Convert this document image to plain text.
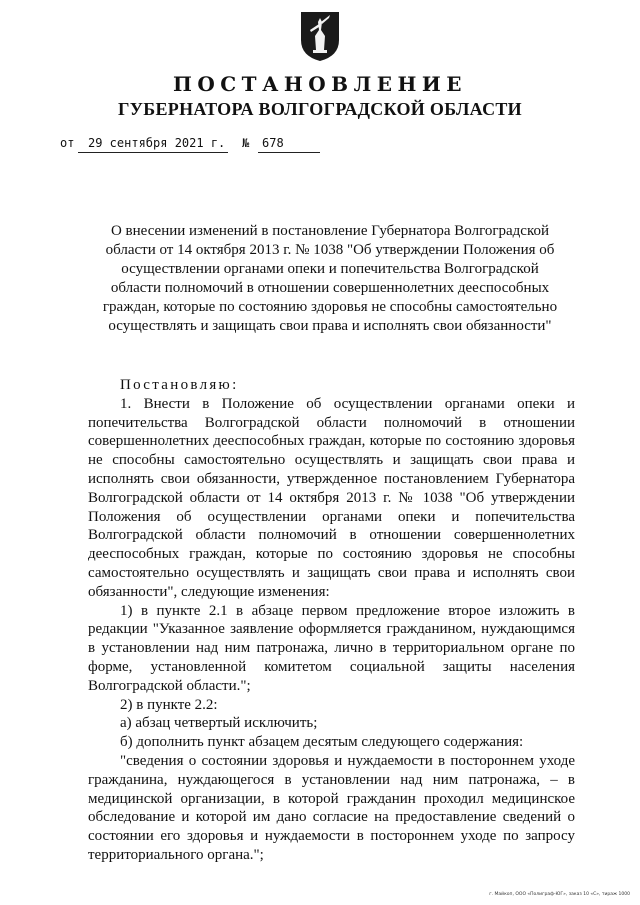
ПОСТАНОВЛЕНИЕ
ГУБЕРНАТОРА ВОЛГОГРАДСКОЙ ОБЛАСТИ
от 29 сентября 2021 г. № 678
О внесении изменений в постановление Губернатора Волгоградской области от 14 октября 2013 г. № 1038 "Об утверждении Положения об осуществлении органами опеки и попечительства Волгоградской области полномочий в отношении совершеннолетних дееспособных граждан, которые по состоянию здоровья не способны самостоятельно осуществлять и защищать свои права и исполнять свои обязанности"

Постановляю:

1. Внести в Положение об осуществлении органами опеки и попечительства Волгоградской области полномочий в отношении совершеннолетних дееспособных граждан, которые по состоянию здоровья не способны самостоятельно осуществлять и защищать свои права и исполнять свои обязанности, утвержденное постановлением Губернатора Волгоградской области от 14 октября 2013 г. № 1038 "Об утверждении Положения об осуществлении органами опеки и попечительства Волгоградской области полномочий в отношении совершеннолетних дееспособных граждан, которые по состоянию здоровья не способны самостоятельно осуществлять и защищать свои права и исполнять свои обязанности", следующие изменения:

1) в пункте 2.1 в абзаце первом предложение второе изложить в редакции "Указанное заявление оформляется гражданином, нуждающимся в установлении над ним патронажа, лично в территориальном органе по форме, установленной комитетом социальной защиты населения Волгоградской области.";

2) в пункте 2.2:

а) абзац четвертый исключить;

б) дополнить пункт абзацем десятым следующего содержания:

"сведения о состоянии здоровья и нуждаемости в постороннем уходе гражданина, нуждающегося в установлении над ним патронажа, – в медицинской организации, в которой гражданин проходил медицинское обследование и которой им дано согласие на предоставление сведений о состоянии его здоровья и нуждаемости в постороннем уходе по запросу территориального органа.";

г. Майкоп, ООО «Полиграф-ЮГ», заказ 10 «С», тираж 1000
